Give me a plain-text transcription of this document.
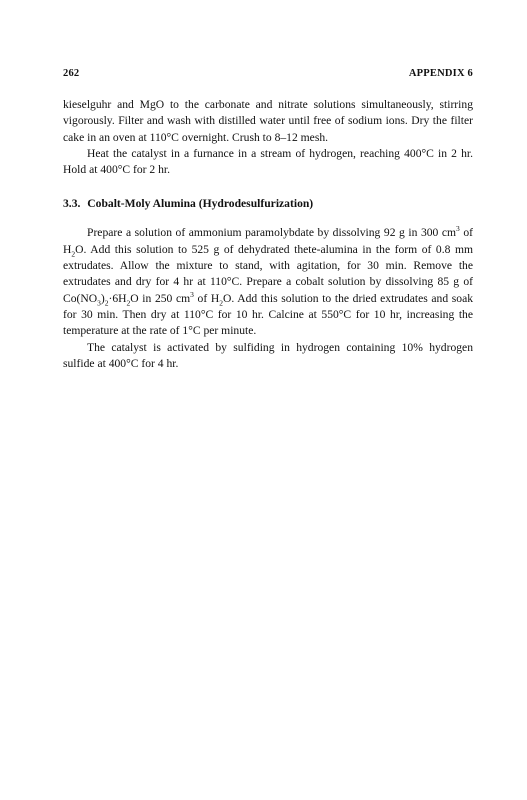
262	APPENDIX 6

kieselguhr and MgO to the carbonate and nitrate solutions simultaneously, stirring vigorously. Filter and wash with distilled water until free of sodium ions. Dry the filter cake in an oven at 110°C overnight. Crush to 8–12 mesh.

Heat the catalyst in a furnance in a stream of hydrogen, reaching 400°C in 2 hr. Hold at 400°C for 2 hr.

3.3. Cobalt-Moly Alumina (Hydrodesulfurization)

Prepare a solution of ammonium paramolybdate by dissolving 92 g in 300 $cm^3$ of $H_2O$. Add this solution to 525 g of dehydrated thete-alumina in the form of 0.8 mm extrudates. Allow the mixture to stand, with agitation, for 30 min. Remove the extrudates and dry for 4 hr at 110°C. Prepare a cobalt solution by dissolving 85 g of $Co(NO_3)_2\cdot 6H_2O$ in 250 $cm^3$ of $H_2O$. Add this solution to the dried extrudates and soak for 30 min. Then dry at 110°C for 10 hr. Calcine at 550°C for 10 hr, increasing the temperature at the rate of 1°C per minute.

The catalyst is activated by sulfiding in hydrogen containing 10% hydrogen sulfide at 400°C for 4 hr.
